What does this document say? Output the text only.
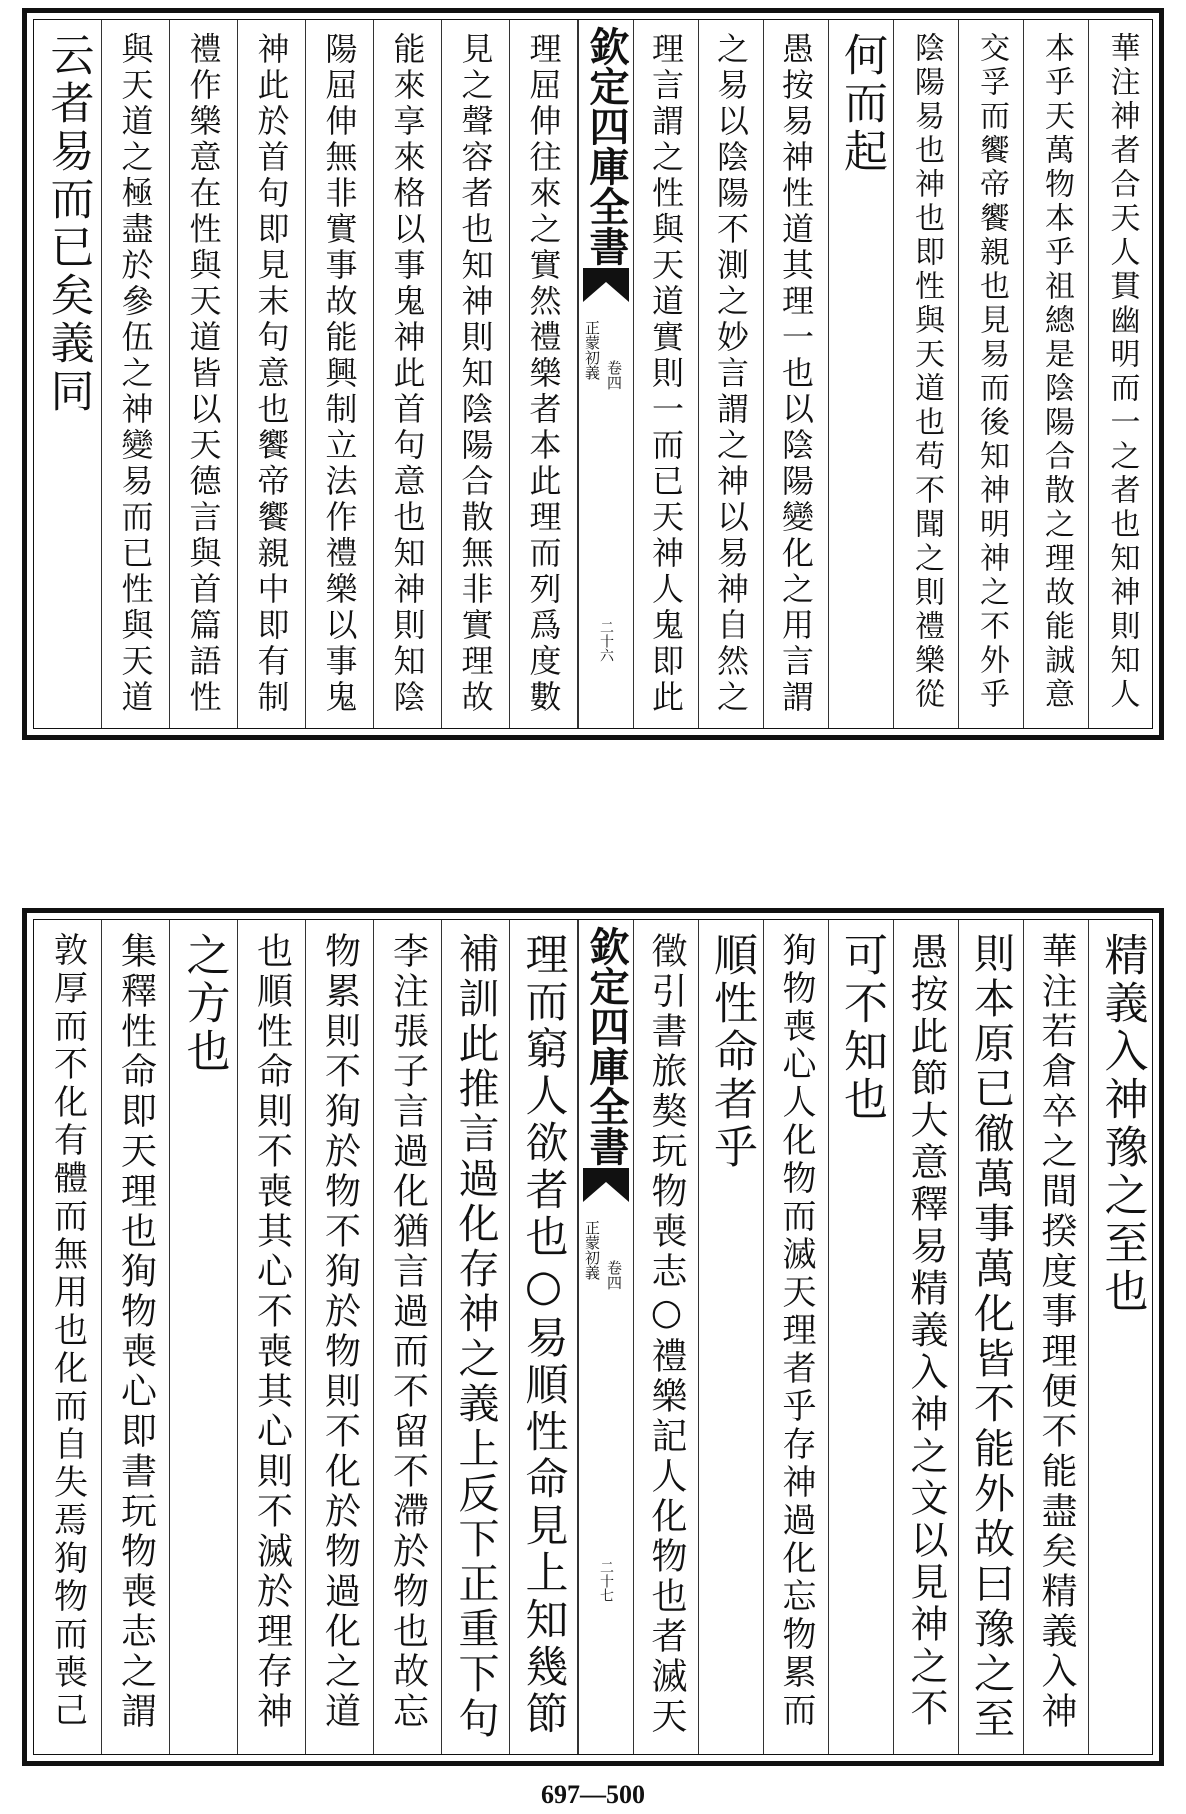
云者易而已矣義同 與天道之極盡於參伍之神變易而已性與天道 禮作樂意在性與天道皆以天德言與首篇語性 神此於首句即見末句意也饗帝饗親中即有制 陽屈伸無非實事故能興制立法作禮樂以事鬼 能來享來格以事鬼神此首句意也知神則知陰 見之聲容者也知神則知陰陽合散無非實理故 理屈伸往來之實然禮樂者本此理而列爲度數 欽定四庫全書
正蒙初義 卷四
二十六	理言謂之性與天道實則一而已天神人鬼即此 之易以陰陽不測之妙言謂之神以易神自然之 愚按易神性道其理一也以陰陽變化之用言謂 何而起 陰陽易也神也即性與天道也苟不聞之則禮樂從	交孚而饗帝饗親也見易而後知神明神之不外乎	本乎天萬物本乎祖總是陰陽合散之理故能誠意	華注神者合天人貫幽明而一之者也知神則知人
敦厚而不化有體而無用也化而自失焉狥物而喪己 集釋性命即天理也狥物喪心即書玩物喪志之謂 之方也 也順性命則不喪其心不喪其心則不滅於理存神 物累則不狥於物不狥於物則不化於物過化之道 李注張子言過化猶言過而不留不滯於物也故忘 補訓此推言過化存神之義上反下正重下句 理而窮人欲者也○易順性命見上知幾節 欽定四庫全書
正蒙初義 卷四
二十七 徵引書旅獒玩物喪志○禮樂記人化物也者滅天 順性命者乎 狥物喪心人化物而滅天理者乎存神過化忘物累而 可不知也 愚按此節大意釋易精義入神之文以見神之不 則本原已徹萬事萬化皆不能外故曰豫之至 華注若倉卒之間揆度事理便不能盡矣精義入神 精義入神豫之至也
697—500
